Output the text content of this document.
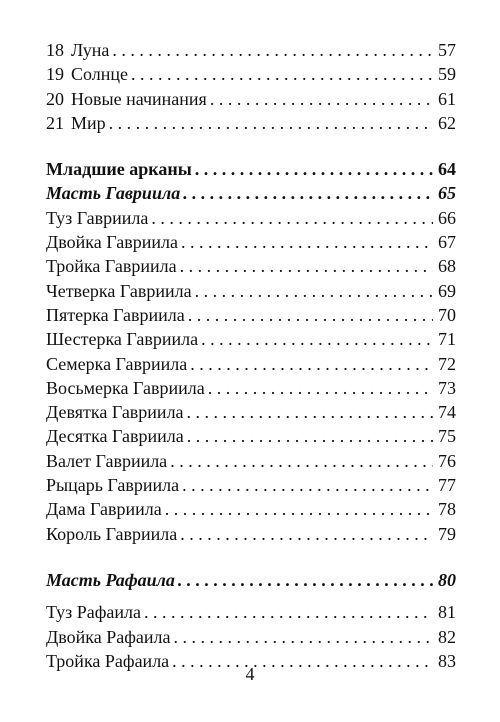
18 Луна . . .	57
19 Солнце . . .	59
20 Новые начинания . . .	61
21 Мир . . .	62
Младшие арканы . . .	64
Масть Гавриила . . .	65
Туз Гавриила . . .	66
Двойка Гавриила . . .	67
Тройка Гавриила . . .	68
Четверка Гавриила . . .	69
Пятерка Гавриила . . .	70
Шестерка Гавриила . . .	71
Семерка Гавриила . . .	72
Восьмерка Гавриила . . .	73
Девятка Гавриила . . .	74
Десятка Гавриила . . .	75
Валет Гавриила . . .	76
Рыцарь Гавриила . . .	77
Дама Гавриила . . .	78
Король Гавриила . . .	79
Масть Рафаила . . .	80
Туз Рафаила . . .	81
Двойка Рафаила . . .	82
Тройка Рафаила . . .	83
4
